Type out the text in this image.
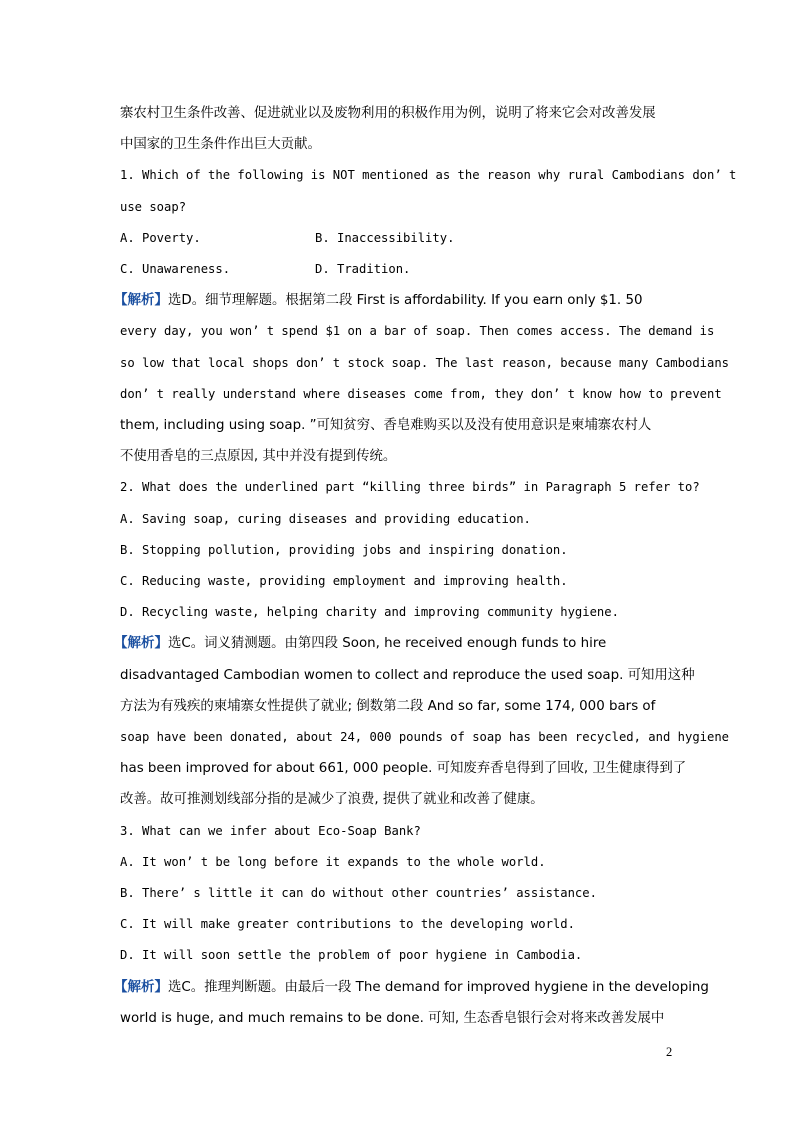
寨农村卫生条件改善、促进就业以及废物利用的积极作用为例，说明了将来它会对改善发展
中国家的卫生条件作出巨大贡献。
1. Which of the following is NOT mentioned as the reason why rural Cambodians don’ t
use soap?
A. Poverty.	B. Inaccessibility.
C. Unawareness.	D. Tradition.
【解析】选D。细节理解题。根据第二段 First is affordability. If you earn only $1. 50
every day, you won’ t spend $1 on a bar of soap. Then comes access. The demand is
so low that local shops don’ t stock soap. The last reason, because many Cambodians
don’ t really understand where diseases come from, they don’ t know how to prevent
them, including using soap. ”可知贫穷、香皂难购买以及没有使用意识是柬埔寨农村人
不使用香皂的三点原因, 其中并没有提到传统。
2. What does the underlined part “killing three birds” in Paragraph 5 refer to?
A. Saving soap, curing diseases and providing education.
B. Stopping pollution, providing jobs and inspiring donation.
C. Reducing waste, providing employment and improving health.
D. Recycling waste, helping charity and improving community hygiene.
【解析】选C。词义猜测题。由第四段 Soon, he received enough funds to hire
disadvantaged Cambodian women to collect and reproduce the used soap. 可知用这种
方法为有残疾的柬埔寨女性提供了就业; 倒数第二段 And so far, some 174, 000 bars of
soap have been donated, about 24, 000 pounds of soap has been recycled, and hygiene
has been improved for about 661, 000 people. 可知废弃香皂得到了回收, 卫生健康得到了
改善。故可推测划线部分指的是减少了浪费, 提供了就业和改善了健康。
3. What can we infer about Eco-Soap Bank?
A. It won’ t be long before it expands to the whole world.
B. There’ s little it can do without other countries’ assistance.
C. It will make greater contributions to the developing world.
D. It will soon settle the problem of poor hygiene in Cambodia.
【解析】选C。推理判断题。由最后一段 The demand for improved hygiene in the developing
world is huge, and much remains to be done. 可知, 生态香皂银行会对将来改善发展中
2
